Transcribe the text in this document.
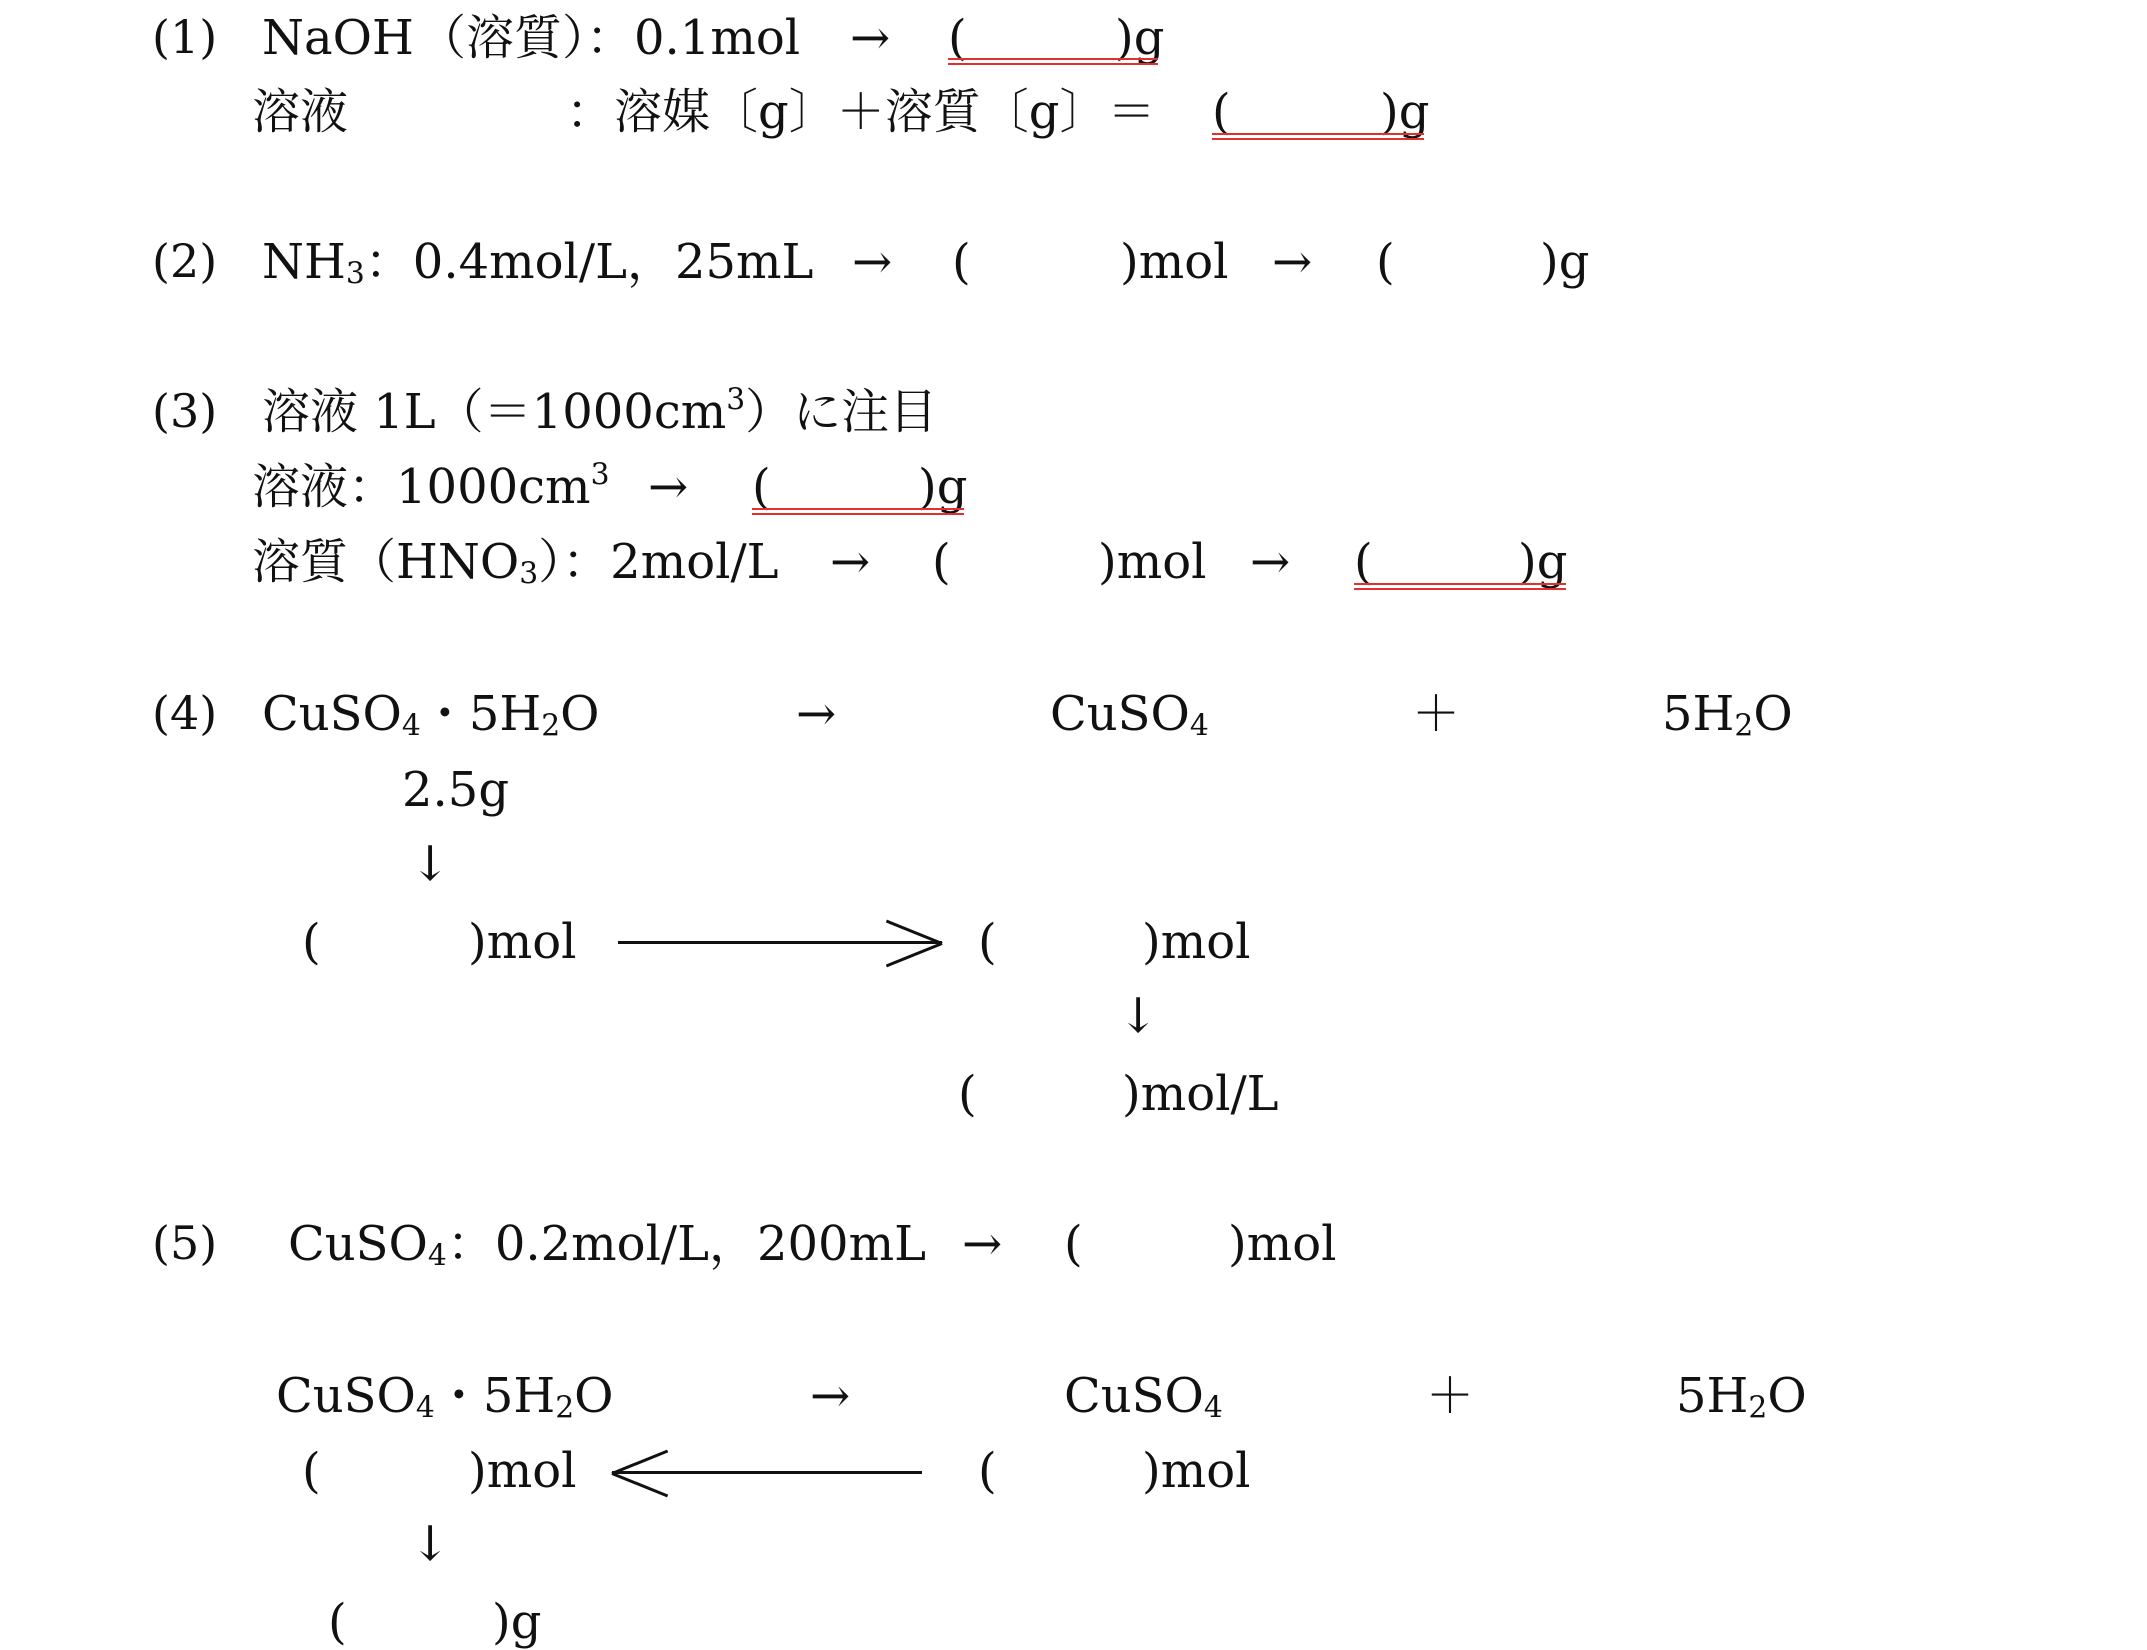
(1) NaOH （溶質）：0.1mol → (	)g
溶液	：溶媒〔g〕＋溶質〔g〕＝ (	)g
(2) $NH_3$：0.4mol/L，25mL → (	)mol → (	)g
(3) 溶液 $1L(=1000cm^3)$に注目
溶液：$1000cm^3$ → (	)g
溶質$(HNO_3)$：2mol/L → (	)mol → (	)g
(4) CuSO$_4$・$5H_2O$	→	CuSO$_4$	＋	$5H_2O$
2.5g
↓
(	)mol	(	)mol
↓
(	)mol/L
(5) CuSO$_4$：0.2mol/L，200mL → (	)mol
CuSO$_4$・$5H_2O$	→	CuSO$_4$	＋	$5H_2O$
(	)mol	(	)mol
↓
(	)g
